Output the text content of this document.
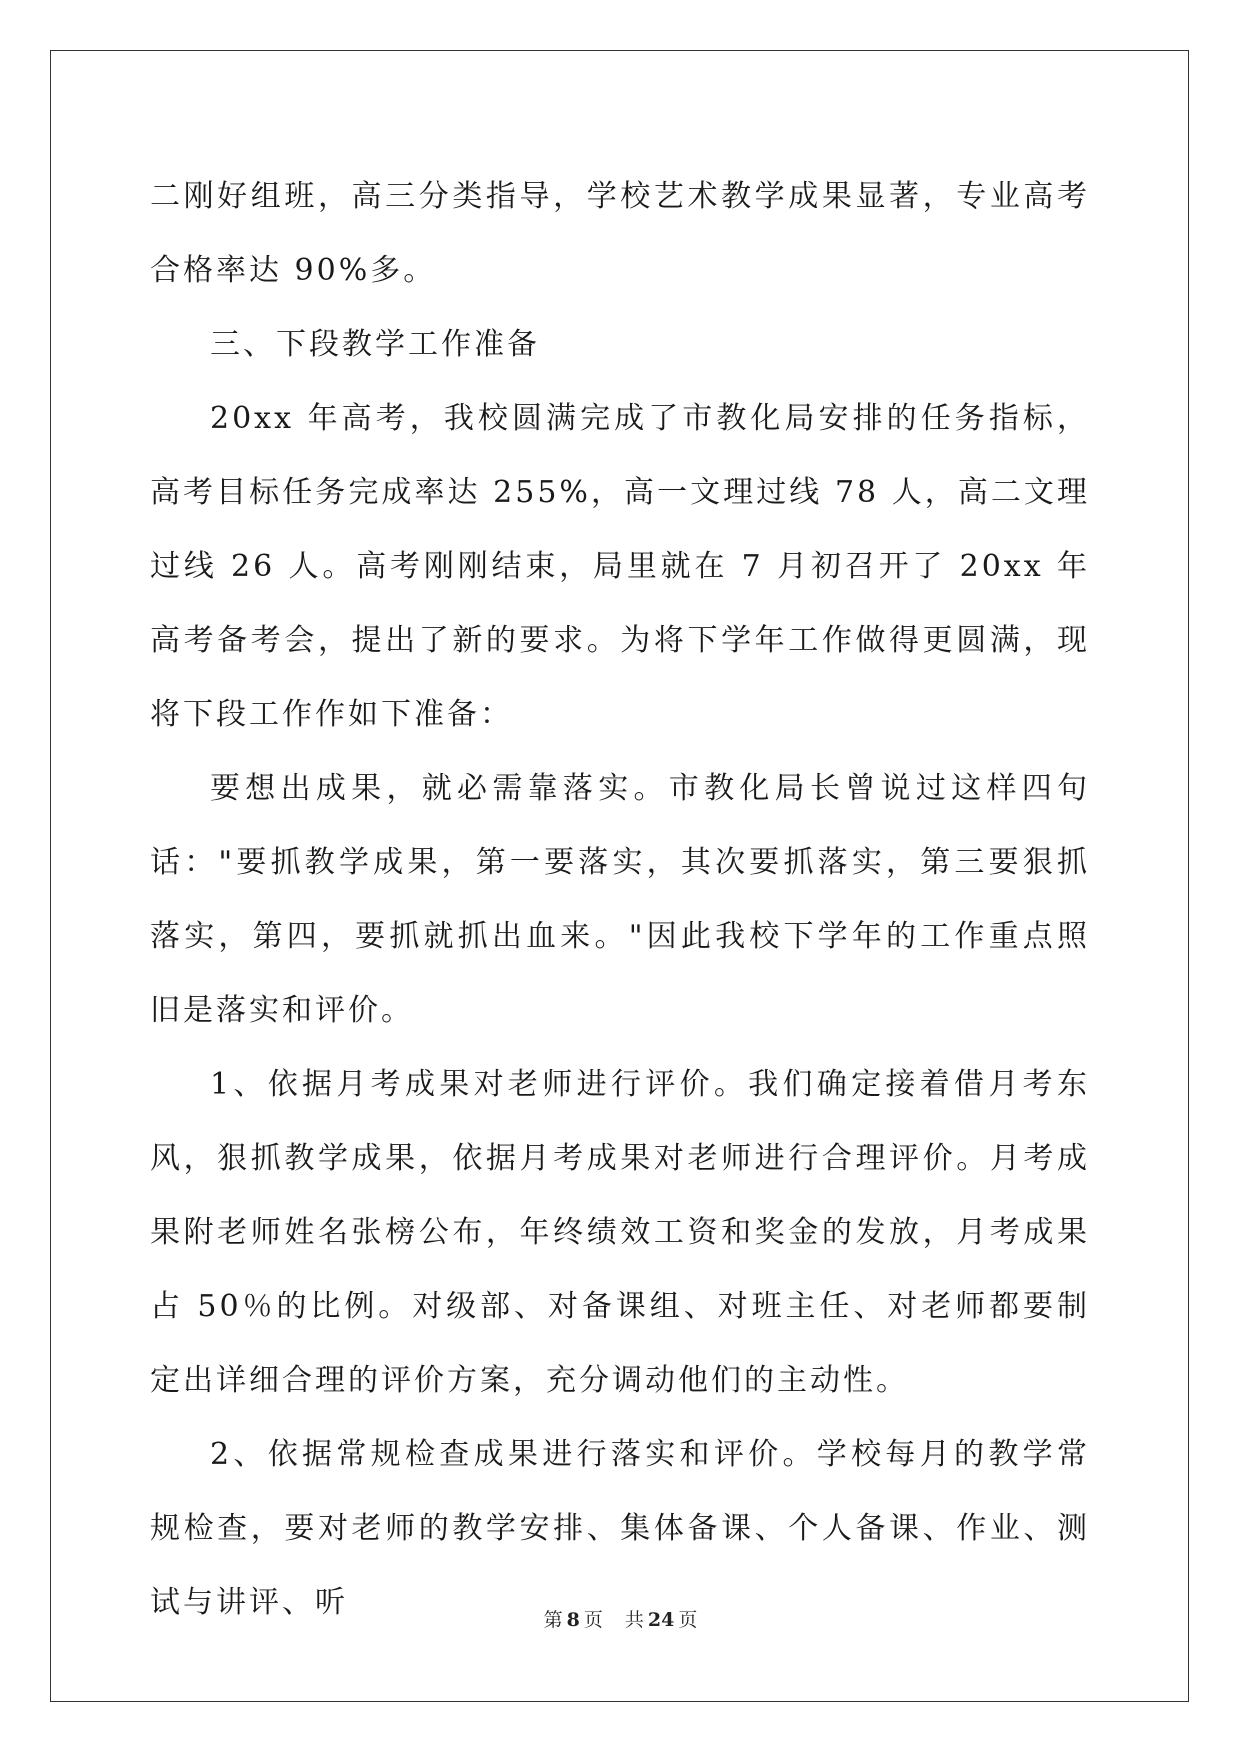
二刚好组班，高三分类指导，学校艺术教学成果显著，专业高考合格率达 90%多。

三、下段教学工作准备

20xx 年高考，我校圆满完成了市教化局安排的任务指标，高考目标任务完成率达 255%，高一文理过线 78 人，高二文理过线 26 人。高考刚刚结束，局里就在 7 月初召开了 20xx 年高考备考会，提出了新的要求。为将下学年工作做得更圆满，现将下段工作作如下准备：

要想出成果，就必需靠落实。市教化局长曾说过这样四句话："要抓教学成果，第一要落实，其次要抓落实，第三要狠抓落实，第四，要抓就抓出血来。"因此我校下学年的工作重点照旧是落实和评价。

1、依据月考成果对老师进行评价。我们确定接着借月考东风，狠抓教学成果，依据月考成果对老师进行合理评价。月考成果附老师姓名张榜公布，年终绩效工资和奖金的发放，月考成果占 50％的比例。对级部、对备课组、对班主任、对老师都要制定出详细合理的评价方案，充分调动他们的主动性。

2、依据常规检查成果进行落实和评价。学校每月的教学常规检查，要对老师的教学安排、集体备课、个人备课、作业、测试与讲评、听	第 8 页 共 24 页
